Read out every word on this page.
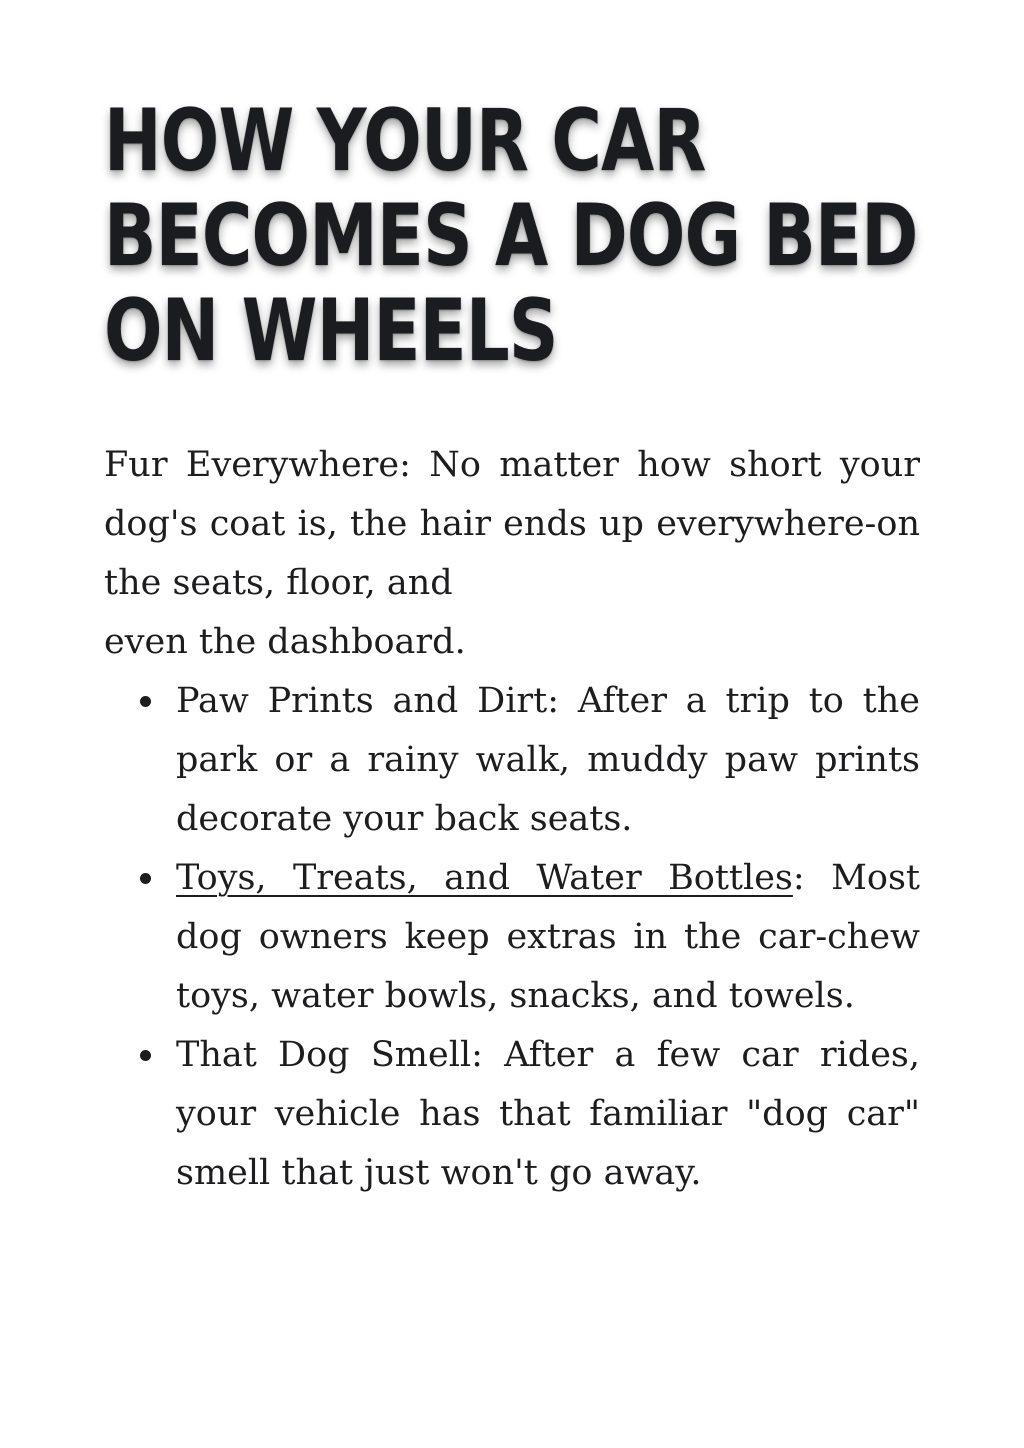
HOW YOUR CAR
BECOMES A DOG BED
ON WHEELS

Fur Everywhere: No matter how short your dog's coat is, the hair ends up everywhere-on the seats, floor, and
even the dashboard.

Paw Prints and Dirt: After a trip to the park or a rainy walk, muddy paw prints decorate your back seats.
Toys, Treats, and Water Bottles: Most dog owners keep extras in the car-chew toys, water bowls, snacks, and towels.
That Dog Smell: After a few car rides, your vehicle has that familiar "dog car" smell that just won't go away.
